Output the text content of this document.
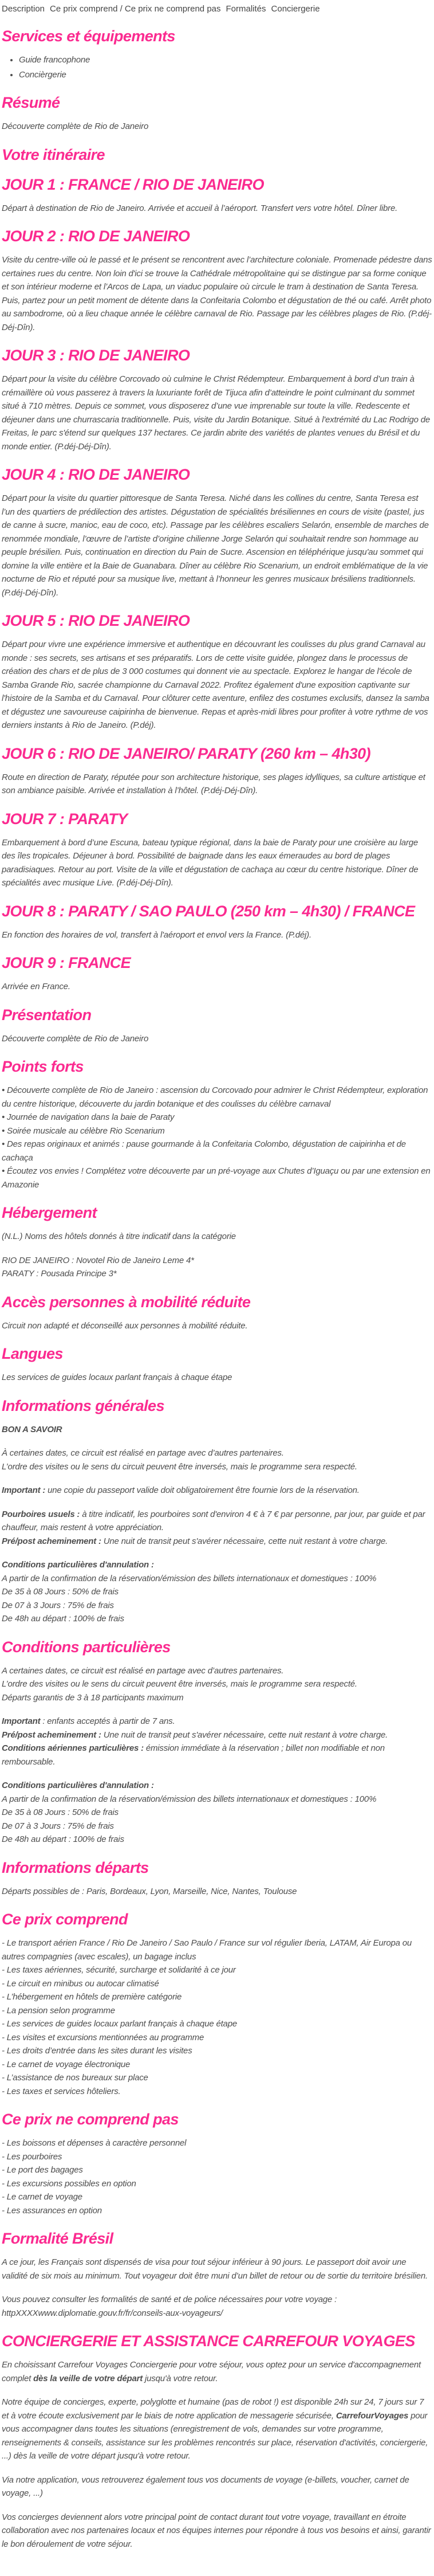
Description Ce prix comprend / Ce prix ne comprend pas Formalités Conciergerie
Services et équipements
• Guide francophone
• Concièrgerie
Résumé

Découverte complète de Rio de Janeiro

Votre itinéraire
JOUR 1 : FRANCE / RIO DE JANEIRO

Départ à destination de Rio de Janeiro. Arrivée et accueil à l’aéroport. Transfert vers votre hôtel. Dîner libre.

JOUR 2 : RIO DE JANEIRO

Visite du centre-ville où le passé et le présent se rencontrent avec l’architecture coloniale. Promenade pédestre dans certaines rues du centre. Non loin d'ici se trouve la Cathédrale métropolitaine qui se distingue par sa forme conique et son intérieur moderne et l’Arcos de Lapa, un viaduc populaire où circule le tram à destination de Santa Teresa. Puis, partez pour un petit moment de détente dans la Confeitaria Colombo et dégustation de thé ou café. Arrêt photo au sambodrome, où a lieu chaque année le célèbre carnaval de Rio. Passage par les célèbres plages de Rio. (P.déj-Déj-Dîn).

JOUR 3 : RIO DE JANEIRO

Départ pour la visite du célèbre Corcovado où culmine le Christ Rédempteur. Embarquement à bord d’un train à crémaillère où vous passerez à travers la luxuriante forêt de Tijuca afin d’atteindre le point culminant du sommet situé à 710 mètres. Depuis ce sommet, vous disposerez d’une vue imprenable sur toute la ville. Redescente et déjeuner dans une churrascaria traditionnelle. Puis, visite du Jardin Botanique. Situé à l'extrémité du Lac Rodrigo de Freitas, le parc s'étend sur quelques 137 hectares. Ce jardin abrite des variétés de plantes venues du Brésil et du monde entier. (P.déj-Déj-Dîn).

JOUR 4 : RIO DE JANEIRO

Départ pour la visite du quartier pittoresque de Santa Teresa. Niché dans les collines du centre, Santa Teresa est l’un des quartiers de prédilection des artistes. Dégustation de spécialités brésiliennes en cours de visite (pastel, jus de canne à sucre, manioc, eau de coco, etc). Passage par les célèbres escaliers Selarón, ensemble de marches de renommée mondiale, l’œuvre de l’artiste d’origine chilienne Jorge Selarón qui souhaitait rendre son hommage au peuple brésilien. Puis, continuation en direction du Pain de Sucre. Ascension en téléphérique jusqu'au sommet qui domine la ville entière et la Baie de Guanabara. Dîner au célèbre Rio Scenarium, un endroit emblématique de la vie nocturne de Rio et réputé pour sa musique live, mettant à l’honneur les genres musicaux brésiliens traditionnels. (P.déj-Déj-Dîn).

JOUR 5 : RIO DE JANEIRO

Départ pour vivre une expérience immersive et authentique en découvrant les coulisses du plus grand Carnaval au monde : ses secrets, ses artisans et ses préparatifs. Lors de cette visite guidée, plongez dans le processus de création des chars et de plus de 3 000 costumes qui donnent vie au spectacle. Explorez le hangar de l'école de Samba Grande Rio, sacrée championne du Carnaval 2022. Profitez également d'une exposition captivante sur l'histoire de la Samba et du Carnaval. Pour clôturer cette aventure, enfilez des costumes exclusifs, dansez la samba et dégustez une savoureuse caipirinha de bienvenue. Repas et après-midi libres pour profiter à votre rythme de vos derniers instants à Rio de Janeiro. (P.déj).

JOUR 6 : RIO DE JANEIRO/ PARATY (260 km – 4h30)

Route en direction de Paraty, réputée pour son architecture historique, ses plages idylliques, sa culture artistique et son ambiance paisible. Arrivée et installation à l’hôtel. (P.déj-Déj-Dîn).

JOUR 7 : PARATY

Embarquement à bord d’une Escuna, bateau typique régional, dans la baie de Paraty pour une croisière au large des îles tropicales. Déjeuner à bord. Possibilité de baignade dans les eaux émeraudes au bord de plages paradisiaques. Retour au port. Visite de la ville et dégustation de cachaça au cœur du centre historique. Dîner de spécialités avec musique Live. (P.déj-Déj-Dîn).

JOUR 8 : PARATY / SAO PAULO (250 km – 4h30) / FRANCE

En fonction des horaires de vol, transfert à l'aéroport et envol vers la France. (P.déj).

JOUR 9 : FRANCE

Arrivée en France.

Présentation

Découverte complète de Rio de Janeiro

Points forts

• Découverte complète de Rio de Janeiro : ascension du Corcovado pour admirer le Christ Rédempteur, exploration du centre historique, découverte du jardin botanique et des coulisses du célèbre carnaval
• Journée de navigation dans la baie de Paraty
• Soirée musicale au célèbre Rio Scenarium
• Des repas originaux et animés : pause gourmande à la Confeitaria Colombo, dégustation de caipirinha et de cachaça
• Écoutez vos envies ! Complétez votre découverte par un pré-voyage aux Chutes d’Iguaçu ou par une extension en Amazonie

Hébergement

(N.L.) Noms des hôtels donnés à titre indicatif dans la catégorie

RIO DE JANEIRO : Novotel Rio de Janeiro Leme 4*
PARATY : Pousada Principe 3*

Accès personnes à mobilité réduite

Circuit non adapté et déconseillé aux personnes à mobilité réduite.

Langues

Les services de guides locaux parlant français à chaque étape

Informations générales

BON A SAVOIR

À certaines dates, ce circuit est réalisé en partage avec d’autres partenaires.
L’ordre des visites ou le sens du circuit peuvent être inversés, mais le programme sera respecté.

Important : une copie du passeport valide doit obligatoirement être fournie lors de la réservation.

Pourboires usuels : à titre indicatif, les pourboires sont d'environ 4 € à 7 € par personne, par jour, par guide et par chauffeur, mais restent à votre appréciation.
Pré/post acheminement : Une nuit de transit peut s'avérer nécessaire, cette nuit restant à votre charge.

Conditions particulières d'annulation :
A partir de la confirmation de la réservation/émission des billets internationaux et domestiques : 100%
De 35 à 08 Jours : 50% de frais
De 07 à 3 Jours : 75% de frais
De 48h au départ : 100% de frais

Conditions particulières

A certaines dates, ce circuit est réalisé en partage avec d’autres partenaires.
L’ordre des visites ou le sens du circuit peuvent être inversés, mais le programme sera respecté.
Départs garantis de 3 à 18 participants maximum

Important : enfants acceptés à partir de 7 ans.
Pré/post acheminement : Une nuit de transit peut s'avérer nécessaire, cette nuit restant à votre charge.
Conditions aériennes particulières : émission immédiate à la réservation ; billet non modifiable et non remboursable.

Conditions particulières d'annulation :
A partir de la confirmation de la réservation/émission des billets internationaux et domestiques : 100%
De 35 à 08 Jours : 50% de frais
De 07 à 3 Jours : 75% de frais
De 48h au départ : 100% de frais

Informations départs

Départs possibles de : Paris, Bordeaux, Lyon, Marseille, Nice, Nantes, Toulouse

Ce prix comprend

- Le transport aérien France / Rio De Janeiro / Sao Paulo / France sur vol régulier Iberia, LATAM, Air Europa ou autres compagnies (avec escales), un bagage inclus
- Les taxes aériennes, sécurité, surcharge et solidarité à ce jour
- Le circuit en minibus ou autocar climatisé
- L’hébergement en hôtels de première catégorie
- La pension selon programme
- Les services de guides locaux parlant français à chaque étape
- Les visites et excursions mentionnées au programme
- Les droits d’entrée dans les sites durant les visites
- Le carnet de voyage électronique
- L’assistance de nos bureaux sur place
- Les taxes et services hôteliers.

Ce prix ne comprend pas

- Les boissons et dépenses à caractère personnel
- Les pourboires
- Le port des bagages
- Les excursions possibles en option
- Le carnet de voyage
- Les assurances en option

Formalité Brésil

A ce jour, les Français sont dispensés de visa pour tout séjour inférieur à 90 jours. Le passeport doit avoir une validité de six mois au minimum. Tout voyageur doit être muni d’un billet de retour ou de sortie du territoire brésilien.

Vous pouvez consulter les formalités de santé et de police nécessaires pour votre voyage :
httpXXXXwww.diplomatie.gouv.fr/fr/conseils-aux-voyageurs/

CONCIERGERIE ET ASSISTANCE CARREFOUR VOYAGES

En choisissant Carrefour Voyages Conciergerie pour votre séjour, vous optez pour un service d'accompagnement complet dès la veille de votre départ jusqu'à votre retour.

Notre équipe de concierges, experte, polyglotte et humaine (pas de robot !) est disponible 24h sur 24, 7 jours sur 7 et à votre écoute exclusivement par le biais de notre application de messagerie sécurisée, CarrefourVoyages pour vous accompagner dans toutes les situations (enregistrement de vols, demandes sur votre programme, renseignements & conseils, assistance sur les problèmes rencontrés sur place, réservation d'activités, conciergerie, ...) dès la veille de votre départ jusqu'à votre retour.

Via notre application, vous retrouverez également tous vos documents de voyage (e-billets, voucher, carnet de voyage, ...)

Vos concierges deviennent alors votre principal point de contact durant tout votre voyage, travaillant en étroite collaboration avec nos partenaires locaux et nos équipes internes pour répondre à tous vos besoins et ainsi, garantir le bon déroulement de votre séjour.
